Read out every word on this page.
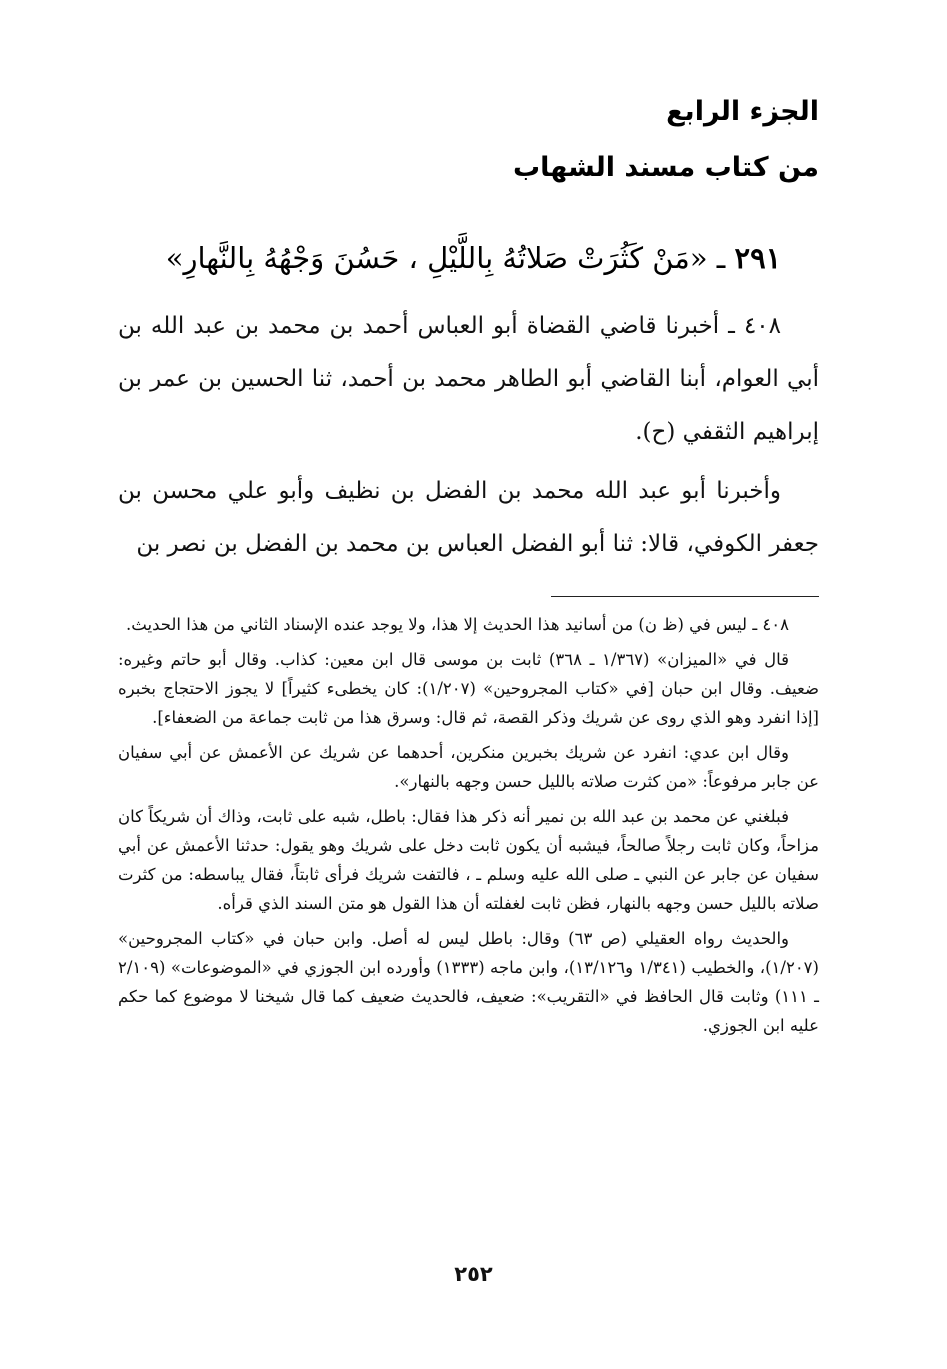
الجزء الرابع
من كتاب مسند الشهاب
٢٩١ ـ «مَنْ كَثُرَتْ صَلاتُهُ بِاللَّيْلِ ، حَسُنَ وَجْهُهُ بِالنَّهارِ»

٤٠٨ ـ أخبرنا قاضي القضاة أبو العباس أحمد بن محمد بن عبد الله بن أبي العوام، أبنا القاضي أبو الطاهر محمد بن أحمد، ثنا الحسين بن عمر بن إبراهيم الثقفي (ح).

وأخبرنا أبو عبد الله محمد بن الفضل بن نظيف وأبو علي محسن بن جعفر الكوفي، قالا: ثنا أبو الفضل العباس بن محمد بن الفضل بن نصر بن

٤٠٨ ـ ليس في (ظ ن) من أسانيد هذا الحديث إلا هذا، ولا يوجد عنده الإسناد الثاني من هذا الحديث.

قال في «الميزان» (١/٣٦٧ ـ ٣٦٨) ثابت بن موسى قال ابن معين: كذاب. وقال أبو حاتم وغيره: ضعيف. وقال ابن حبان [في «كتاب المجروحين» (١/٢٠٧): كان يخطىء كثيراً] لا يجوز الاحتجاج بخبره [إذا انفرد وهو الذي روى عن شريك وذكر القصة، ثم قال: وسرق هذا من ثابت جماعة من الضعفاء].

وقال ابن عدي: انفرد عن شريك بخبرين منكرين، أحدهما عن شريك عن الأعمش عن أبي سفيان عن جابر مرفوعاً: «من كثرت صلاته بالليل حسن وجهه بالنهار».

فبلغني عن محمد بن عبد الله بن نمير أنه ذكر هذا فقال: باطل، شبه على ثابت، وذاك أن شريكاً كان مزاحاً، وكان ثابت رجلاً صالحاً، فيشبه أن يكون ثابت دخل على شريك وهو يقول: حدثنا الأعمش عن أبي سفيان عن جابر عن النبي ـ صلى الله عليه وسلم ـ ، فالتفت شريك فرأى ثابتاً، فقال يباسطه: من كثرت صلاته بالليل حسن وجهه بالنهار، فظن ثابت لغفلته أن هذا القول هو متن السند الذي قرأه.

والحديث رواه العقيلي (ص ٦٣) وقال: باطل ليس له أصل. وابن حبان في «كتاب المجروحين» (١/٢٠٧)، والخطيب (١/٣٤١ و١٣/١٢٦)، وابن ماجه (١٣٣٣) وأورده ابن الجوزي في «الموضوعات» (٢/١٠٩ ـ ١١١) وثابت قال الحافظ في «التقريب»: ضعيف، فالحديث ضعيف كما قال شيخنا لا موضوع كما حكم عليه ابن الجوزي.

٢٥٢
